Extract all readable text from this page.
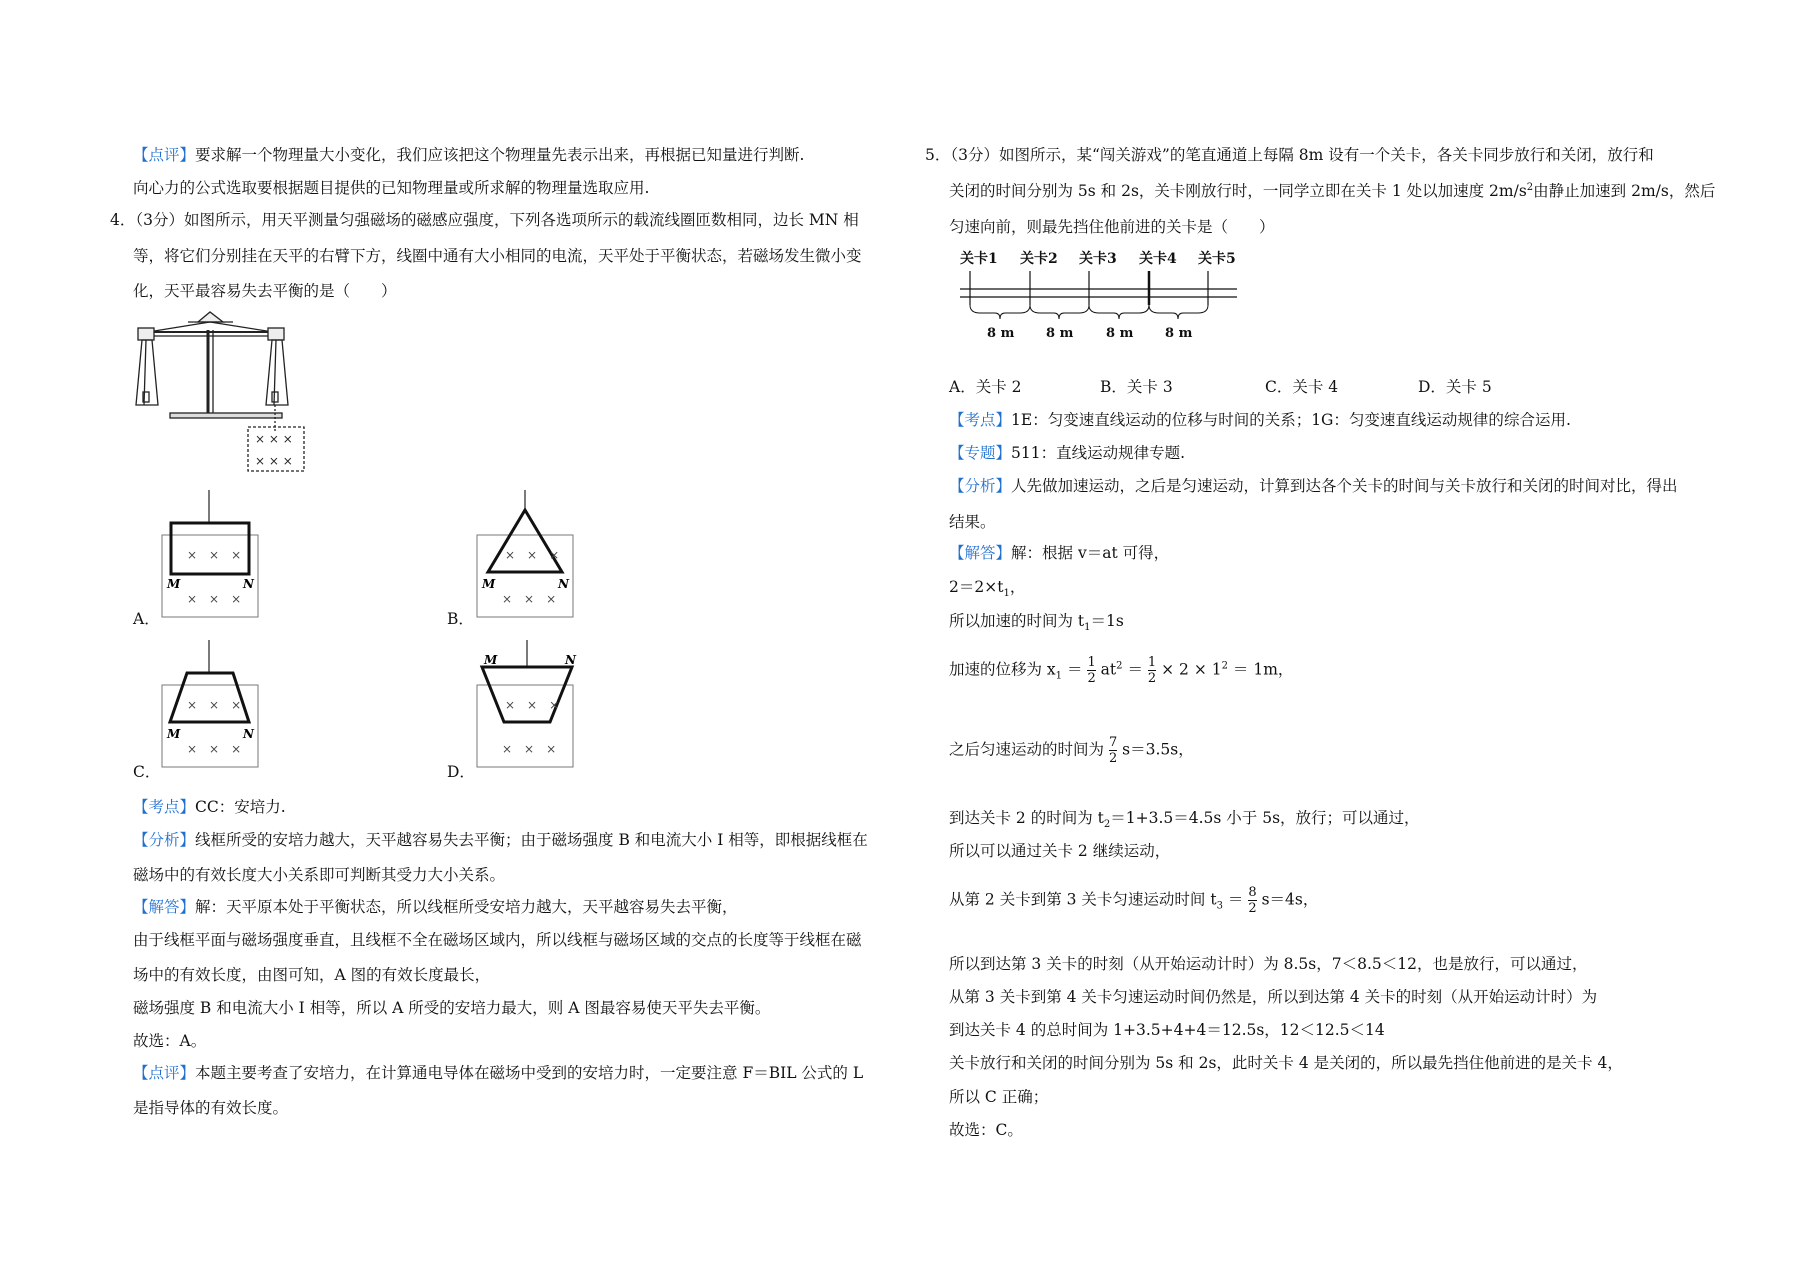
【点评】要求解一个物理量大小变化，我们应该把这个物理量先表示出来，再根据已知量进行判断.
向心力的公式选取要根据题目提供的已知物理量或所求解的物理量选取应用.
4．（3分）如图所示，用天平测量匀强磁场的磁感应强度，下列各选项所示的载流线圈匝数相同，边长 MN 相
等，将它们分别挂在天平的右臂下方，线圈中通有大小相同的电流，天平处于平衡状态，若磁场发生微小变
化，天平最容易失去平衡的是（　　）
× × ×
× × ×
×　×　×
×　×　×
M	N
A．
×　×　×
×　×　×
M	N
B．
×　×　×
×　×　×
M	N
C．
×　×　×
×　×　×
M	N
D．
【考点】CC：安培力.
【分析】线框所受的安培力越大，天平越容易失去平衡；由于磁场强度 B 和电流大小 I 相等，即根据线框在
磁场中的有效长度大小关系即可判断其受力大小关系。
【解答】解：天平原本处于平衡状态，所以线框所受安培力越大，天平越容易失去平衡，
由于线框平面与磁场强度垂直，且线框不全在磁场区域内，所以线框与磁场区域的交点的长度等于线框在磁
场中的有效长度，由图可知，A 图的有效长度最长，
磁场强度 B 和电流大小 I 相等，所以 A 所受的安培力最大，则 A 图最容易使天平失去平衡。
故选：A。
【点评】本题主要考查了安培力，在计算通电导体在磁场中受到的安培力时，一定要注意 F＝BIL 公式的 L
是指导体的有效长度。
5．（3分）如图所示，某“闯关游戏”的笔直通道上每隔 8m 设有一个关卡，各关卡同步放行和关闭，放行和
关闭的时间分别为 5s 和 2s，关卡刚放行时，一同学立即在关卡 1 处以加速度 $2m/s^2$由静止加速到 2m/s，然后
匀速向前，则最先挡住他前进的关卡是（　　）
关卡1 关卡2 关卡3 关卡4 关卡5
8 m 8 m	8 m 8 m
A．关卡 2	B．关卡 3	C．关卡 4	D．关卡 5
【考点】1E：匀变速直线运动的位移与时间的关系；1G：匀变速直线运动规律的综合运用.
【专题】511：直线运动规律专题.
【分析】人先做加速运动，之后是匀速运动，计算到达各个关卡的时间与关卡放行和关闭的时间对比，得出
结果。
【解答】解：根据 v＝at 可得，
$2=2\times t_1$，
所以加速的时间为 $t_1=1s$
加速的位移为 $x_1 = \frac{1}{2} at^2 = \frac{1}{2} \times 2 \times 1^2 = 1m$，
之后匀速运动的时间为 $\frac{7}{2} s=3.5s$，
到达关卡 2 的时间为 $t_2=1+3.5=4.5s$ 小于 5s，放行；可以通过，
所以可以通过关卡 2 继续运动，
从第 2 关卡到第 3 关卡匀速运动时间 $t_3 = \frac{8}{2} s=4s$，
所以到达第 3 关卡的时刻（从开始运动计时）为 8.5s，7＜8.5＜12，也是放行，可以通过，
从第 3 关卡到第 4 关卡匀速运动时间仍然是，所以到达第 4 关卡的时刻（从开始运动计时）为
到达关卡 4 的总时间为 1+3.5+4+4＝12.5s，12＜12.5＜14
关卡放行和关闭的时间分别为 5s 和 2s，此时关卡 4 是关闭的，所以最先挡住他前进的是关卡 4，
所以 C 正确；
故选：C。
